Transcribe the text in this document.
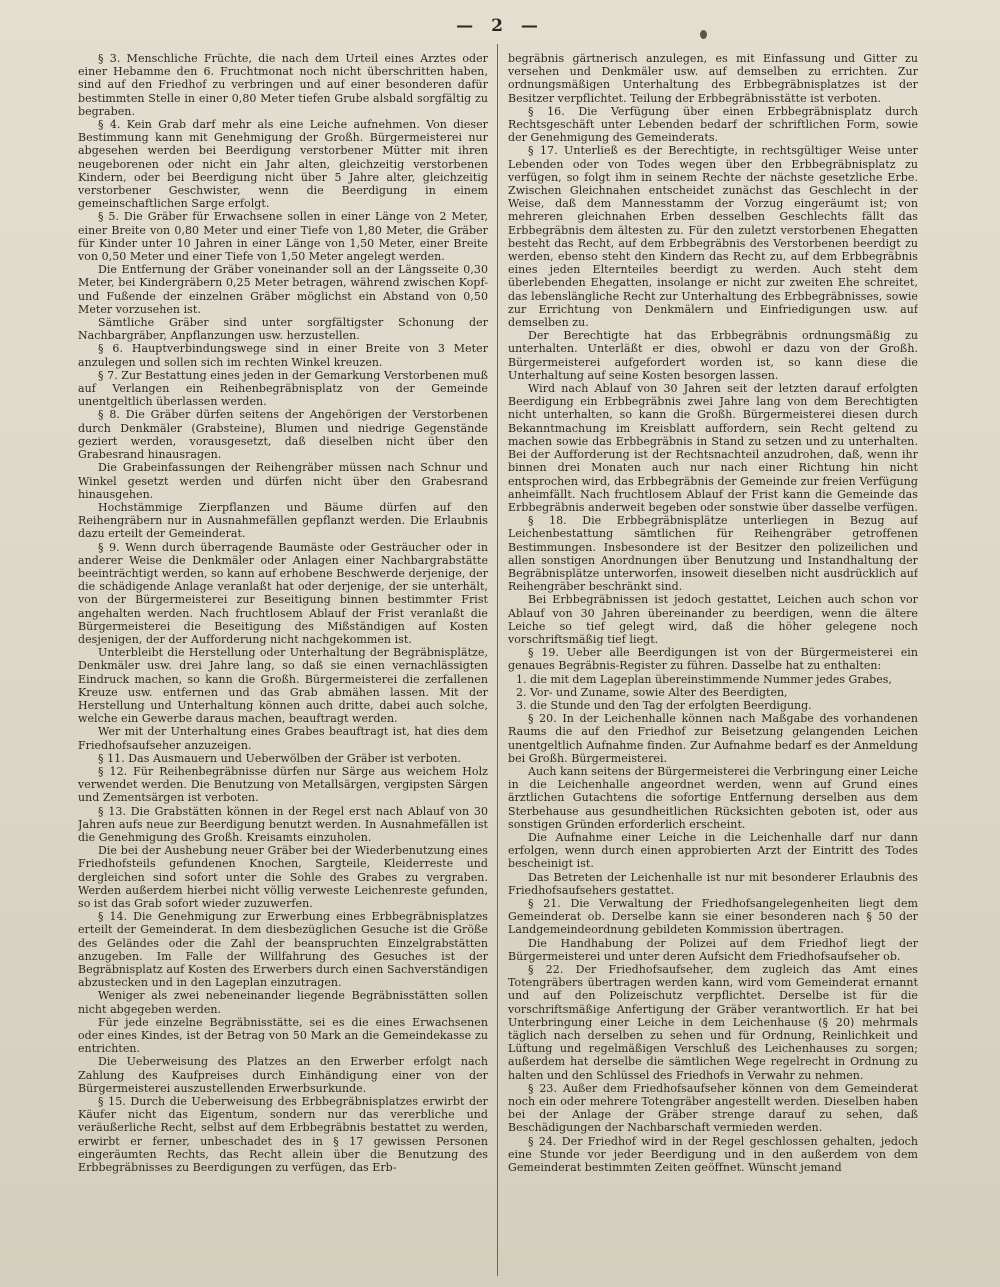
— 2 —

§ 3. Menschliche Früchte, die nach dem Urteil eines Arztes oder einer Hebamme den 6. Fruchtmonat noch nicht überschritten haben, sind auf den Friedhof zu verbringen und auf einer besonderen dafür bestimmten Stelle in einer 0,80 Meter tiefen Grube alsbald sorgfältig zu begraben.

§ 4. Kein Grab darf mehr als eine Leiche aufnehmen. Von dieser Bestimmung kann mit Genehmigung der Großh. Bürgermeisterei nur abgesehen werden bei Beerdigung verstorbener Mütter mit ihren neugeborenen oder nicht ein Jahr alten, gleichzeitig verstorbenen Kindern, oder bei Beerdigung nicht über 5 Jahre alter, gleichzeitig verstorbener Geschwister, wenn die Beerdigung in einem gemeinschaftlichen Sarge erfolgt.

§ 5. Die Gräber für Erwachsene sollen in einer Länge von 2 Meter, einer Breite von 0,80 Meter und einer Tiefe von 1,80 Meter, die Gräber für Kinder unter 10 Jahren in einer Länge von 1,50 Meter, einer Breite von 0,50 Meter und einer Tiefe von 1,50 Meter angelegt werden.

Die Entfernung der Gräber voneinander soll an der Längsseite 0,30 Meter, bei Kindergräbern 0,25 Meter betragen, während zwischen Kopf- und Fußende der einzelnen Gräber möglichst ein Abstand von 0,50 Meter vorzusehen ist.

Sämtliche Gräber sind unter sorgfältigster Schonung der Nachbargräber, Anpflanzungen usw. herzustellen.

§ 6. Hauptverbindungswege sind in einer Breite von 3 Meter anzulegen und sollen sich im rechten Winkel kreuzen.

§ 7. Zur Bestattung eines jeden in der Gemarkung Verstorbenen muß auf Verlangen ein Reihenbegräbnisplatz von der Gemeinde unentgeltlich überlassen werden.

§ 8. Die Gräber dürfen seitens der Angehörigen der Verstorbenen durch Denkmäler (Grabsteine), Blumen und niedrige Gegenstände geziert werden, vorausgesetzt, daß dieselben nicht über den Grabesrand hinausragen.

Die Grabeinfassungen der Reihengräber müssen nach Schnur und Winkel gesetzt werden und dürfen nicht über den Grabesrand hinausgehen.

Hochstämmige Zierpflanzen und Bäume dürfen auf den Reihengräbern nur in Ausnahmefällen gepflanzt werden. Die Erlaubnis dazu erteilt der Gemeinderat.

§ 9. Wenn durch überragende Baumäste oder Gesträucher oder in anderer Weise die Denkmäler oder Anlagen einer Nachbargrabstätte beeinträchtigt werden, so kann auf erhobene Beschwerde derjenige, der die schädigende Anlage veranlaßt hat oder derjenige, der sie unterhält, von der Bürgermeisterei zur Beseitigung binnen bestimmter Frist angehalten werden. Nach fruchtlosem Ablauf der Frist veranlaßt die Bürgermeisterei die Beseitigung des Mißständigen auf Kosten desjenigen, der der Aufforderung nicht nachgekommen ist.

Unterbleibt die Herstellung oder Unterhaltung der Begräbnisplätze, Denkmäler usw. drei Jahre lang, so daß sie einen vernachlässigten Eindruck machen, so kann die Großh. Bürgermeisterei die zerfallenen Kreuze usw. entfernen und das Grab abmähen lassen. Mit der Herstellung und Unterhaltung können auch dritte, dabei auch solche, welche ein Gewerbe daraus machen, beauftragt werden.

Wer mit der Unterhaltung eines Grabes beauftragt ist, hat dies dem Friedhofsaufseher anzuzeigen.

§ 11. Das Ausmauern und Ueberwölben der Gräber ist verboten.

§ 12. Für Reihenbegräbnisse dürfen nur Särge aus weichem Holz verwendet werden. Die Benutzung von Metallsärgen, vergipsten Särgen und Zementsärgen ist verboten.

§ 13. Die Grabstätten können in der Regel erst nach Ablauf von 30 Jahren aufs neue zur Beerdigung benutzt werden. In Ausnahmefällen ist die Genehmigung des Großh. Kreisamts einzuholen.

Die bei der Aushebung neuer Gräber bei der Wiederbenutzung eines Friedhofsteils gefundenen Knochen, Sargteile, Kleiderreste und dergleichen sind sofort unter die Sohle des Grabes zu vergraben. Werden außerdem hierbei nicht völlig verweste Leichenreste gefunden, so ist das Grab sofort wieder zuzuwerfen.

§ 14. Die Genehmigung zur Erwerbung eines Erbbegräbnisplatzes erteilt der Gemeinderat. In dem diesbezüglichen Gesuche ist die Größe des Geländes oder die Zahl der beanspruchten Einzelgrabstätten anzugeben. Im Falle der Willfahrung des Gesuches ist der Begräbnisplatz auf Kosten des Erwerbers durch einen Sachverständigen abzustecken und in den Lageplan einzutragen.

Weniger als zwei nebeneinander liegende Begräbnisstätten sollen nicht abgegeben werden.

Für jede einzelne Begräbnisstätte, sei es die eines Erwachsenen oder eines Kindes, ist der Betrag von 50 Mark an die Gemeindekasse zu entrichten.

Die Ueberweisung des Platzes an den Erwerber erfolgt nach Zahlung des Kaufpreises durch Einhändigung einer von der Bürgermeisterei auszustellenden Erwerbsurkunde.

§ 15. Durch die Ueberweisung des Erbbegräbnisplatzes erwirbt der Käufer nicht das Eigentum, sondern nur das vererbliche und veräußerliche Recht, selbst auf dem Erbbegräbnis bestattet zu werden, erwirbt er ferner, unbeschadet des in § 17 gewissen Personen eingeräumten Rechts, das Recht allein über die Benutzung des Erbbegräbnisses zu Beerdigungen zu verfügen, das Erb-

begräbnis gärtnerisch anzulegen, es mit Einfassung und Gitter zu versehen und Denkmäler usw. auf demselben zu errichten. Zur ordnungsmäßigen Unterhaltung des Erbbegräbnisplatzes ist der Besitzer verpflichtet. Teilung der Erbbegräbnisstätte ist verboten.

§ 16. Die Verfügung über einen Erbbegräbnisplatz durch Rechtsgeschäft unter Lebenden bedarf der schriftlichen Form, sowie der Genehmigung des Gemeinderats.

§ 17. Unterließ es der Berechtigte, in rechtsgültiger Weise unter Lebenden oder von Todes wegen über den Erbbegräbnisplatz zu verfügen, so folgt ihm in seinem Rechte der nächste gesetzliche Erbe. Zwischen Gleichnahen entscheidet zunächst das Geschlecht in der Weise, daß dem Mannesstamm der Vorzug eingeräumt ist; von mehreren gleichnahen Erben desselben Geschlechts fällt das Erbbegräbnis dem ältesten zu. Für den zuletzt verstorbenen Ehegatten besteht das Recht, auf dem Erbbegräbnis des Verstorbenen beerdigt zu werden, ebenso steht den Kindern das Recht zu, auf dem Erbbegräbnis eines jeden Elternteiles beerdigt zu werden. Auch steht dem überlebenden Ehegatten, insolange er nicht zur zweiten Ehe schreitet, das lebenslängliche Recht zur Unterhaltung des Erbbegräbnisses, sowie zur Errichtung von Denkmälern und Einfriedigungen usw. auf demselben zu.

Der Berechtigte hat das Erbbegräbnis ordnungsmäßig zu unterhalten. Unterläßt er dies, obwohl er dazu von der Großh. Bürgermeisterei aufgefordert worden ist, so kann diese die Unterhaltung auf seine Kosten besorgen lassen.

Wird nach Ablauf von 30 Jahren seit der letzten darauf erfolgten Beerdigung ein Erbbegräbnis zwei Jahre lang von dem Berechtigten nicht unterhalten, so kann die Großh. Bürgermeisterei diesen durch Bekanntmachung im Kreisblatt auffordern, sein Recht geltend zu machen sowie das Erbbegräbnis in Stand zu setzen und zu unterhalten. Bei der Aufforderung ist der Rechtsnachteil anzudrohen, daß, wenn ihr binnen drei Monaten auch nur nach einer Richtung hin nicht entsprochen wird, das Erbbegräbnis der Gemeinde zur freien Verfügung anheimfällt. Nach fruchtlosem Ablauf der Frist kann die Gemeinde das Erbbegräbnis anderweit begeben oder sonstwie über dasselbe verfügen.

§ 18. Die Erbbegräbnisplätze unterliegen in Bezug auf Leichenbestattung sämtlichen für Reihengräber getroffenen Bestimmungen. Insbesondere ist der Besitzer den polizeilichen und allen sonstigen Anordnungen über Benutzung und Instandhaltung der Begräbnisplätze unterworfen, insoweit dieselben nicht ausdrücklich auf Reihengräber beschränkt sind.

Bei Erbbegräbnissen ist jedoch gestattet, Leichen auch schon vor Ablauf von 30 Jahren übereinander zu beerdigen, wenn die ältere Leiche so tief gelegt wird, daß die höher gelegene noch vorschriftsmäßig tief liegt.

§ 19. Ueber alle Beerdigungen ist von der Bürgermeisterei ein genaues Begräbnis-Register zu führen. Dasselbe hat zu enthalten:

1. die mit dem Lageplan übereinstimmende Nummer jedes Grabes,

2. Vor- und Zuname, sowie Alter des Beerdigten,

3. die Stunde und den Tag der erfolgten Beerdigung.

§ 20. In der Leichenhalle können nach Maßgabe des vorhandenen Raums die auf den Friedhof zur Beisetzung gelangenden Leichen unentgeltlich Aufnahme finden. Zur Aufnahme bedarf es der Anmeldung bei Großh. Bürgermeisterei.

Auch kann seitens der Bürgermeisterei die Verbringung einer Leiche in die Leichenhalle angeordnet werden, wenn auf Grund eines ärztlichen Gutachtens die sofortige Entfernung derselben aus dem Sterbehause aus gesundheitlichen Rücksichten geboten ist, oder aus sonstigen Gründen erforderlich erscheint.

Die Aufnahme einer Leiche in die Leichenhalle darf nur dann erfolgen, wenn durch einen approbierten Arzt der Eintritt des Todes bescheinigt ist.

Das Betreten der Leichenhalle ist nur mit besonderer Erlaubnis des Friedhofsaufsehers gestattet.

§ 21. Die Verwaltung der Friedhofsangelegenheiten liegt dem Gemeinderat ob. Derselbe kann sie einer besonderen nach § 50 der Landgemeindeordnung gebildeten Kommission übertragen.

Die Handhabung der Polizei auf dem Friedhof liegt der Bürgermeisterei und unter deren Aufsicht dem Friedhofsaufseher ob.

§ 22. Der Friedhofsaufseher, dem zugleich das Amt eines Totengräbers übertragen werden kann, wird vom Gemeinderat ernannt und auf den Polizeischutz verpflichtet. Derselbe ist für die vorschriftsmäßige Anfertigung der Gräber verantwortlich. Er hat bei Unterbringung einer Leiche in dem Leichenhause (§ 20) mehrmals täglich nach derselben zu sehen und für Ordnung, Reinlichkeit und Lüftung und regelmäßigen Verschluß des Leichenhauses zu sorgen; außerdem hat derselbe die sämtlichen Wege regelrecht in Ordnung zu halten und den Schlüssel des Friedhofs in Verwahr zu nehmen.

§ 23. Außer dem Friedhofsaufseher können von dem Gemeinderat noch ein oder mehrere Totengräber angestellt werden. Dieselben haben bei der Anlage der Gräber strenge darauf zu sehen, daß Beschädigungen der Nachbarschaft vermieden werden.

§ 24. Der Friedhof wird in der Regel geschlossen gehalten, jedoch eine Stunde vor jeder Beerdigung und in den außerdem von dem Gemeinderat bestimmten Zeiten geöffnet. Wünscht jemand
